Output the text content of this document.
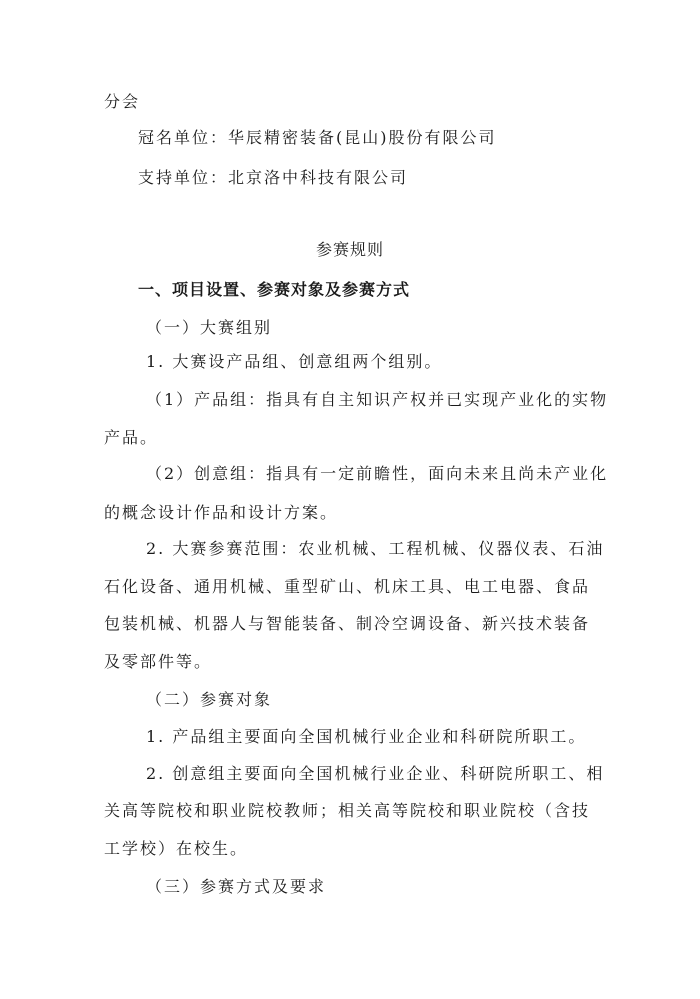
分会
冠名单位：华辰精密装备(昆山)股份有限公司
支持单位：北京洛中科技有限公司
参赛规则
一、项目设置、参赛对象及参赛方式
（一）大赛组别
1. 大赛设产品组、创意组两个组别。
（1）产品组：指具有自主知识产权并已实现产业化的实物
产品。
（2）创意组：指具有一定前瞻性，面向未来且尚未产业化
的概念设计作品和设计方案。
2. 大赛参赛范围：农业机械、工程机械、仪器仪表、石油
石化设备、通用机械、重型矿山、机床工具、电工电器、食品
包装机械、机器人与智能装备、制冷空调设备、新兴技术装备
及零部件等。
（二）参赛对象
1. 产品组主要面向全国机械行业企业和科研院所职工。
2. 创意组主要面向全国机械行业企业、科研院所职工、相
关高等院校和职业院校教师；相关高等院校和职业院校（含技
工学校）在校生。
（三）参赛方式及要求
